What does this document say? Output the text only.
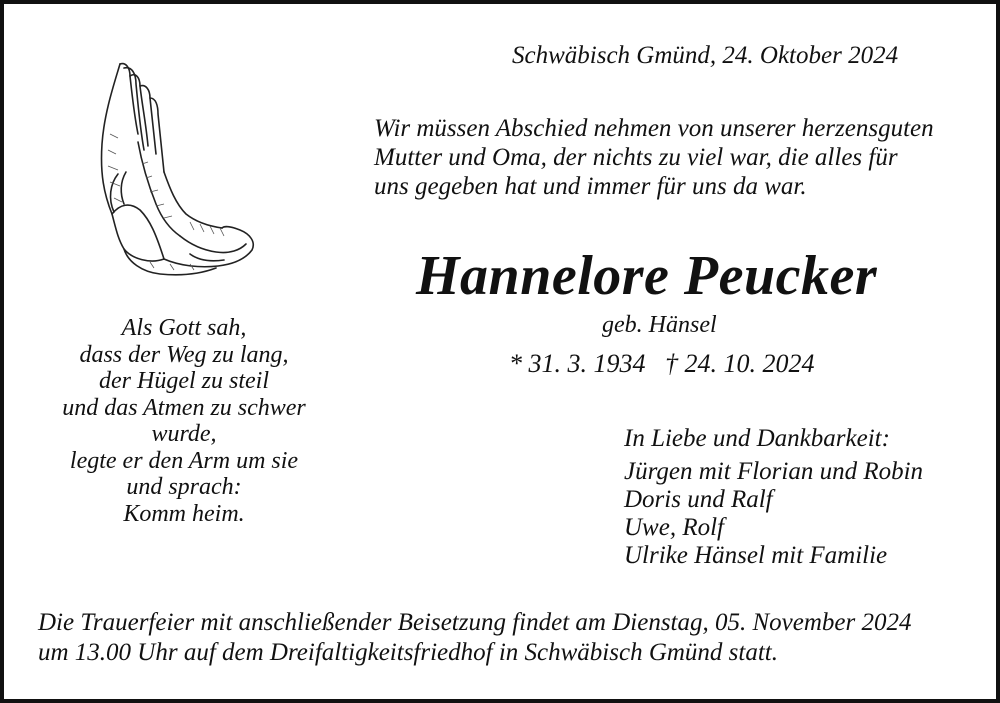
Schwäbisch Gmünd, 24. Oktober 2024
Wir müssen Abschied nehmen von unserer herzensguten
Mutter und Oma, der nichts zu viel war, die alles für
uns gegeben hat und immer für uns da war.
Hannelore Peucker
geb. Hänsel
* 31. 3. 1934   † 24. 10. 2024
Als Gott sah,
dass der Weg zu lang,
der Hügel zu steil
und das Atmen zu schwer
wurde,
legte er den Arm um sie
und sprach:
Komm heim.
In Liebe und Dankbarkeit:
Jürgen mit Florian und Robin
Doris und Ralf
Uwe, Rolf
Ulrike Hänsel mit Familie
Die Trauerfeier mit anschließender Beisetzung findet am Dienstag, 05. November 2024
um 13.00 Uhr auf dem Dreifaltigkeitsfriedhof in Schwäbisch Gmünd statt.
